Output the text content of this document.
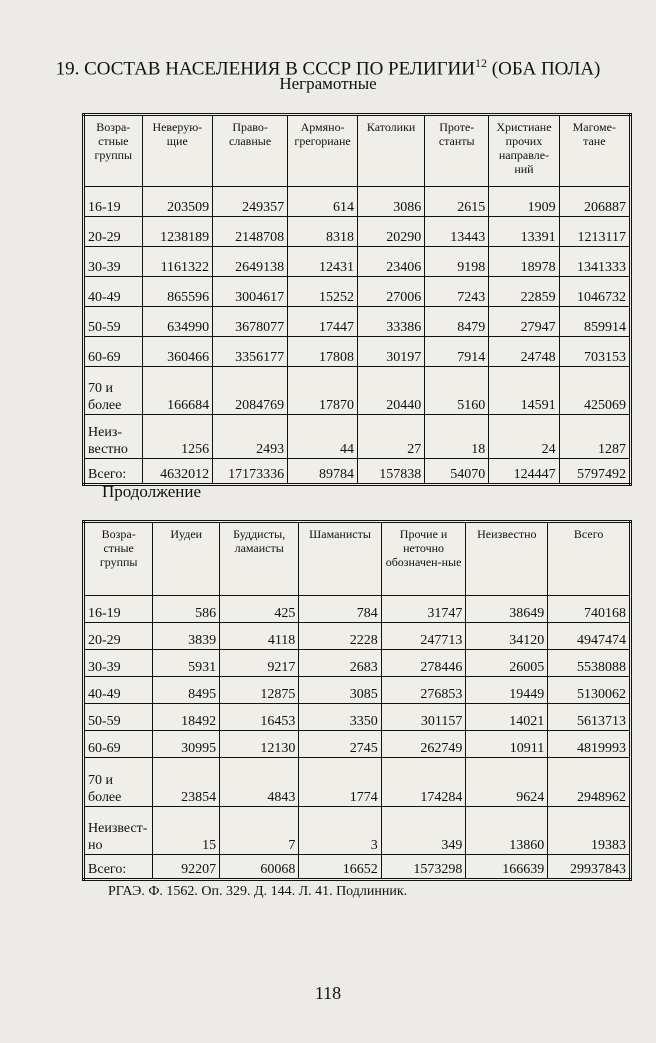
19. СОСТАВ НАСЕЛЕНИЯ В СССР ПО РЕЛИГИИ$^{12}$ (ОБА ПОЛА)
Неграмотные
Возра-стные группы	Неверую-щие	Право-славные	Армяно-грегориане	Католики	Проте-станты	Христиане прочих направле-ний	Магоме-тане
16-19	203509	249357	614	3086	2615	1909	206887
20-29	1238189	2148708	8318	20290	13443	13391	1213117
30-39	1161322	2649138	12431	23406	9198	18978	1341333
40-49	865596	3004617	15252	27006	7243	22859	1046732
50-59	634990	3678077	17447	33386	8479	27947	859914
60-69	360466	3356177	17808	30197	7914	24748	703153
70 и более	166684	2084769	17870	20440	5160	14591	425069
Неиз-вестно	1256	2493	44	27	18	24	1287
Всего:	4632012	17173336	89784	157838	54070	124447	5797492
Продолжение
Возра-стные группы	Иудеи	Буддисты, ламаисты	Шаманисты	Прочие и неточно обозначен-ные	Неизвестно	Всего
16-19	586	425	784	31747	38649	740168
20-29	3839	4118	2228	247713	34120	4947474
30-39	5931	9217	2683	278446	26005	5538088
40-49	8495	12875	3085	276853	19449	5130062
50-59	18492	16453	3350	301157	14021	5613713
60-69	30995	12130	2745	262749	10911	4819993
70 и более	23854	4843	1774	174284	9624	2948962
Неизвест-но	15	7	3	349	13860	19383
Всего:	92207	60068	16652	1573298	166639	29937843
РГАЭ. Ф. 1562. Оп. 329. Д. 144. Л. 41. Подлинник.
118
